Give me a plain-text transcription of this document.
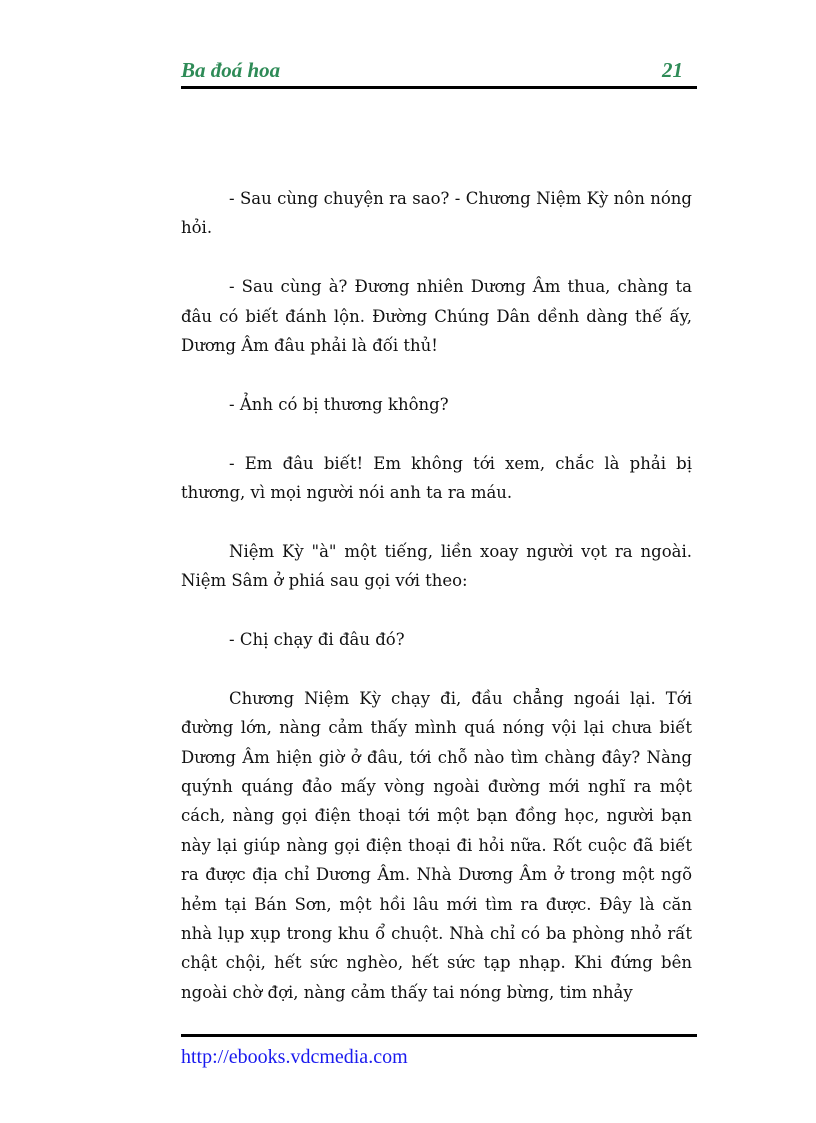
Ba đoá hoa	21

- Sau cùng chuyện ra sao? - Chương Niệm Kỳ nôn nóng hỏi.

- Sau cùng à? Đương nhiên Dương Âm thua, chàng ta đâu có biết đánh lộn. Đường Chúng Dân dềnh dàng thế ấy, Dương Âm đâu phải là đối thủ!

- Ảnh có bị thương không?

- Em đâu biết! Em không tới xem, chắc là phải bị thương, vì mọi người nói anh ta ra máu.

Niệm Kỳ "à" một tiếng, liền xoay người vọt ra ngoài. Niệm Sâm ở phiá sau gọi với theo:

- Chị chạy đi đâu đó?

Chương Niệm Kỳ chạy đi, đầu chẳng ngoái lại. Tới đường lớn, nàng cảm thấy mình quá nóng vội lại chưa biết Dương Âm hiện giờ ở đâu, tới chỗ nào tìm chàng đây? Nàng quýnh quáng đảo mấy vòng ngoài đường mới nghĩ ra một cách, nàng gọi điện thoại tới một bạn đồng học, người bạn này lại giúp nàng gọi điện thoại đi hỏi nữa. Rốt cuộc đã biết ra được địa chỉ Dương Âm. Nhà Dương Âm ở trong một ngõ hẻm tại Bán Sơn, một hồi lâu mới tìm ra được. Đây là căn nhà lụp xụp trong khu ổ chuột. Nhà chỉ có ba phòng nhỏ rất chật chội, hết sức nghèo, hết sức tạp nhạp. Khi đứng bên ngoài chờ đợi, nàng cảm thấy tai nóng bừng, tim nhảy

http://ebooks.vdcmedia.com
